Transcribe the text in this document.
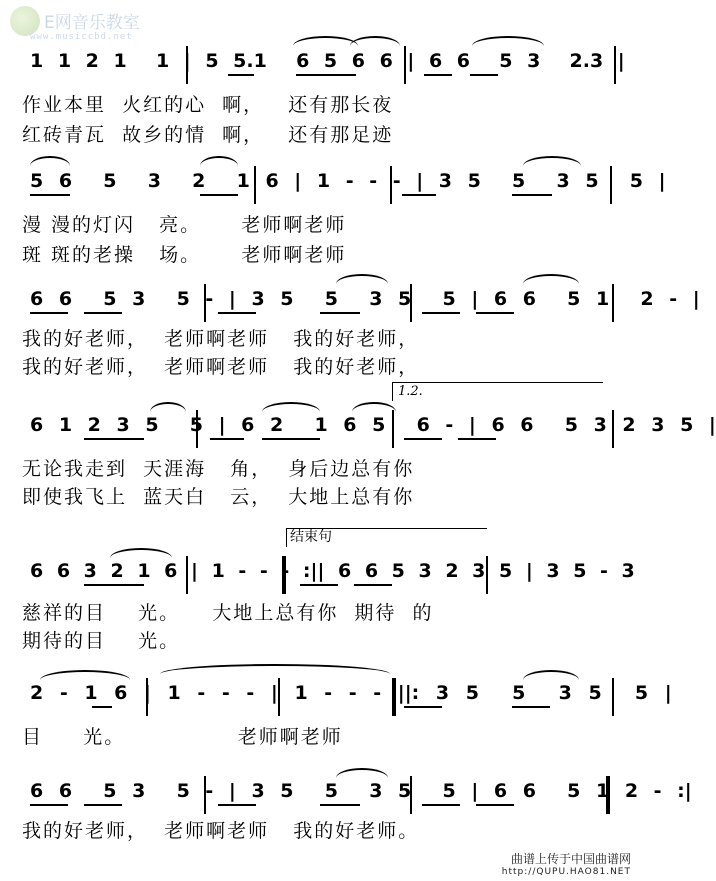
E网音乐教室
www.musiccbd.net
1 1 2 1  1 | 5 5.1  6 5 6 6 | 6 6  5 3  2.3 |
作业本里  火红的心  啊，   还有那长夜
红砖青瓦  故乡的情  啊，   还有那足迹
5 6  5  3  2  1 6 | 1 - - - | 3 5  5  3 5  5 |
漫 漫的灯闪   亮。     老师啊老师
斑 斑的老操   场。     老师啊老师
6 6  5 3  5 - | 3 5  5  3 5  5 | 6 6  5 1  2 - |
我的好老师，  老师啊老师   我的好老师，
我的好老师，  老师啊老师   我的好老师，
1.2.
6 1 2 3 5  5 | 6 2  1 6 5  6 - | 6 6  5 3 2 3 5 |
无论我走到  天涯海   角，  身后边总有你
即使我飞上  蓝天白   云，  大地上总有你
结束句
6 6 3 2 1 6 | 1 - - - :|| 6 6 5 3 2 3 5 | 3 5 - 3
慈祥的目    光。    大地上总有你  期待  的
期待的目    光。
2 - 1 6 | 1 - - - | 1 - - - ||: 3 5  5  3 5  5 |
目     光。              老师啊老师
6 6  5 3  5 - | 3 5  5  3 5  5 | 6 6  5 1 2 - :|
我的好老师，  老师啊老师   我的好老师。
曲谱上传于中国曲谱网
http://QUPU.HAO81.NET
